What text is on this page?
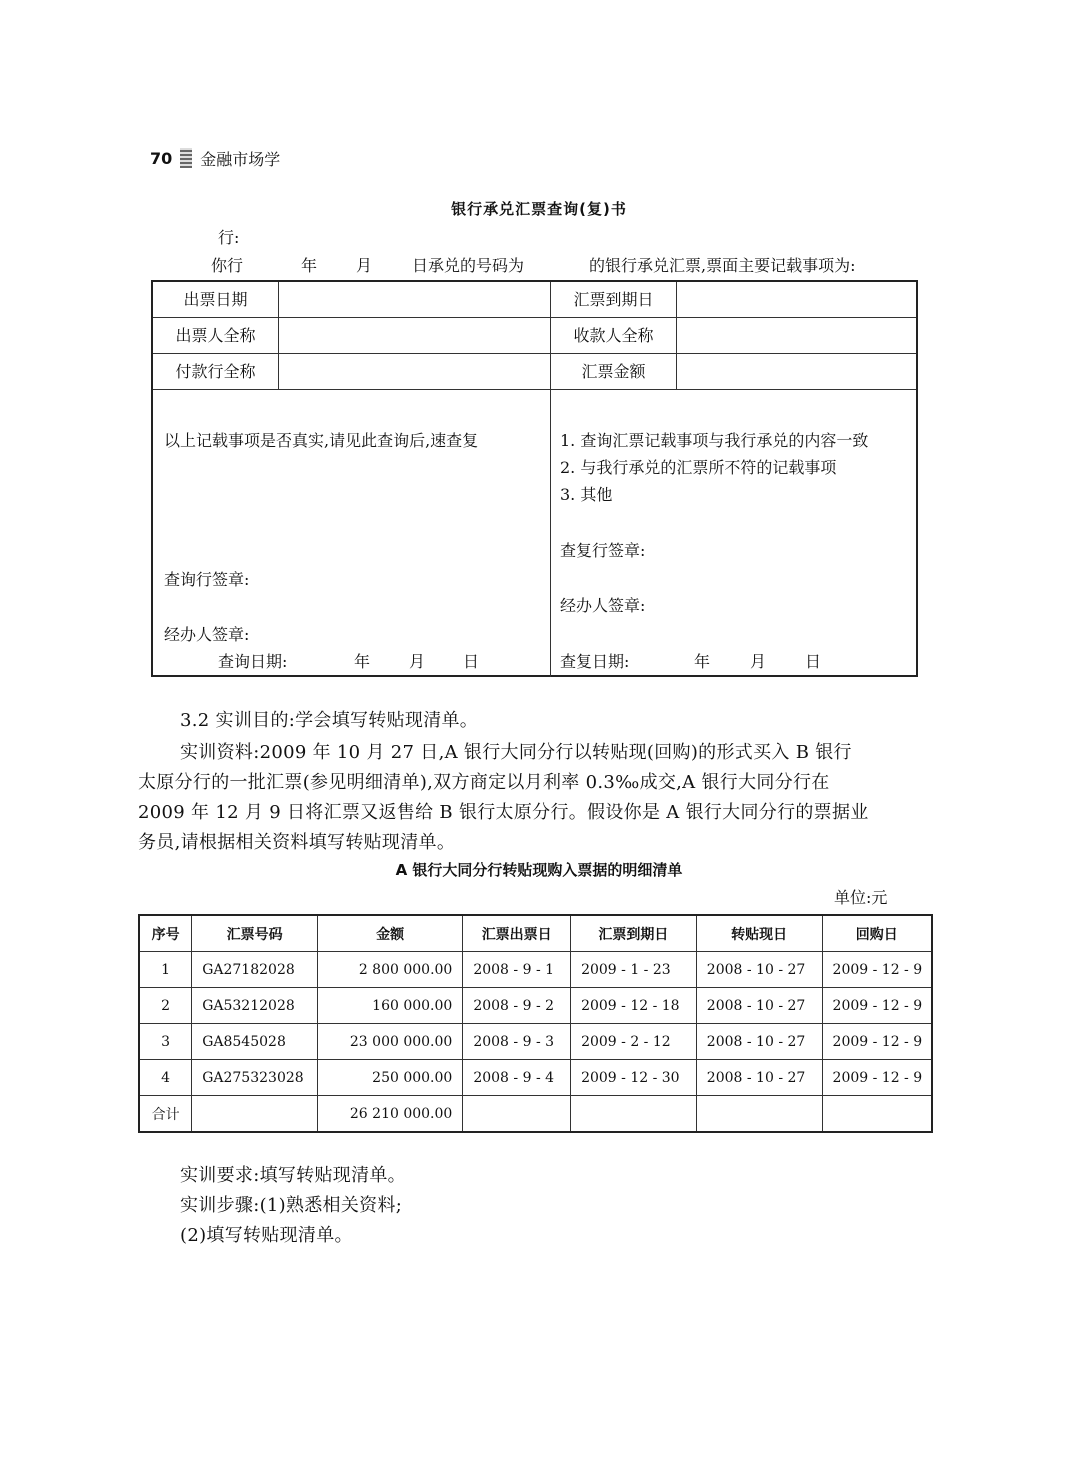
70 金融市场学
银行承兑汇票查询(复)书
行:
你行	年 月 日承兑的号码为	的银行承兑汇票,票面主要记载事项为:
出票日期	汇票到期日
出票人全称	收款人全称
付款行全称	汇票金额
以上记载事项是否真实,请见此查询后,速查复
查询行签章:
经办人签章:
查询日期:	年 月 日
1. 查询汇票记载事项与我行承兑的内容一致
2. 与我行承兑的汇票所不符的记载事项
3. 其他
查复行签章:
经办人签章:
查复日期:	年 月 日
3.2 实训目的:学会填写转贴现清单。
实训资料:2009 年 10 月 27 日,A 银行大同分行以转贴现(回购)的形式买入 B 银行
太原分行的一批汇票(参见明细清单),双方商定以月利率 0.3‰成交,A 银行大同分行在
2009 年 12 月 9 日将汇票又返售给 B 银行太原分行。假设你是 A 银行大同分行的票据业
务员,请根据相关资料填写转贴现清单。
A 银行大同分行转贴现购入票据的明细清单
单位:元
序号	汇票号码	金额	汇票出票日	汇票到期日	转贴现日	回购日
1	GA27182028	2 800 000.00	2008 - 9 - 1	2009 - 1 - 23	2008 - 10 - 27	2009 - 12 - 9
2	GA53212028	160 000.00	2008 - 9 - 2	2009 - 12 - 18	2008 - 10 - 27	2009 - 12 - 9
3	GA8545028	23 000 000.00	2008 - 9 - 3	2009 - 2 - 12	2008 - 10 - 27	2009 - 12 - 9
4	GA275323028	250 000.00	2008 - 9 - 4	2009 - 12 - 30	2008 - 10 - 27	2009 - 12 - 9
合计		26 210 000.00				
实训要求:填写转贴现清单。
实训步骤:(1)熟悉相关资料;
(2)填写转贴现清单。
